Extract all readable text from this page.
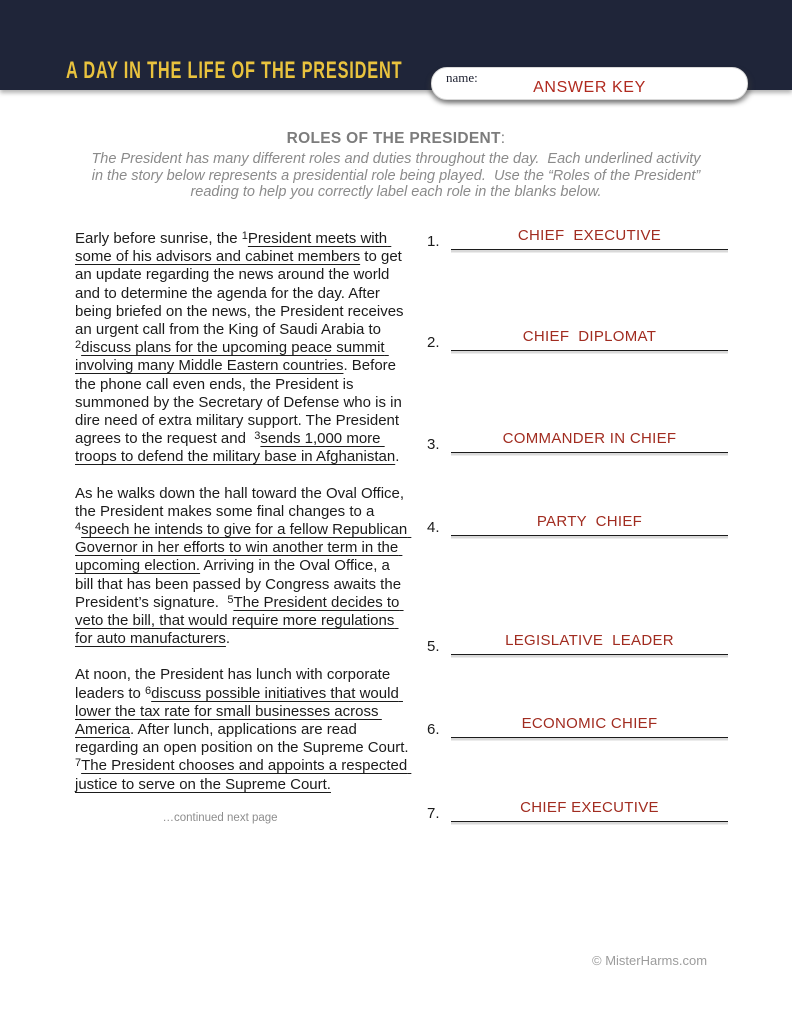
A DAY IN THE LIFE OF THE PRESIDENT	name:
ANSWER KEY
ROLES OF THE PRESIDENT:
The President has many different roles and duties throughout the day.  Each underlined activity
in the story below represents a presidential role being played.  Use the “Roles of the President”
reading to help you correctly label each role in the blanks below.

Early before sunrise, the $^1$President meets with some of his advisors and cabinet members to get an update regarding the news around the world and to determine the agenda for the day. After being briefed on the news, the President receives an urgent call from the King of Saudi Arabia to $^2$discuss plans for the upcoming peace summit involving many Middle Eastern countries. Before the phone call even ends, the President is summoned by the Secretary of Defense who is in dire need of extra military support. The President agrees to the request and  $^3$sends 1,000 more troops to defend the military base in Afghanistan.

As he walks down the hall toward the Oval Office, the President makes some final changes to a $^4$speech he intends to give for a fellow Republican Governor in her efforts to win another term in the upcoming election. Arriving in the Oval Office, a bill that has been passed by Congress awaits the President’s signature.  $^5$The President decides to veto the bill, that would require more regulations for auto manufacturers.

At noon, the President has lunch with corporate leaders to $^6$discuss possible initiatives that would lower the tax rate for small businesses across America. After lunch, applications are read regarding an open position on the Supreme Court.  $^7$The President chooses and appoints a respected justice to serve on the Supreme Court.

…continued next page
1.	CHIEF  EXECUTIVE
2.	CHIEF  DIPLOMAT
3.	COMMANDER IN CHIEF
4.	PARTY  CHIEF
5.	LEGISLATIVE  LEADER
6.	ECONOMIC CHIEF
7.	CHIEF EXECUTIVE
© MisterHarms.com
